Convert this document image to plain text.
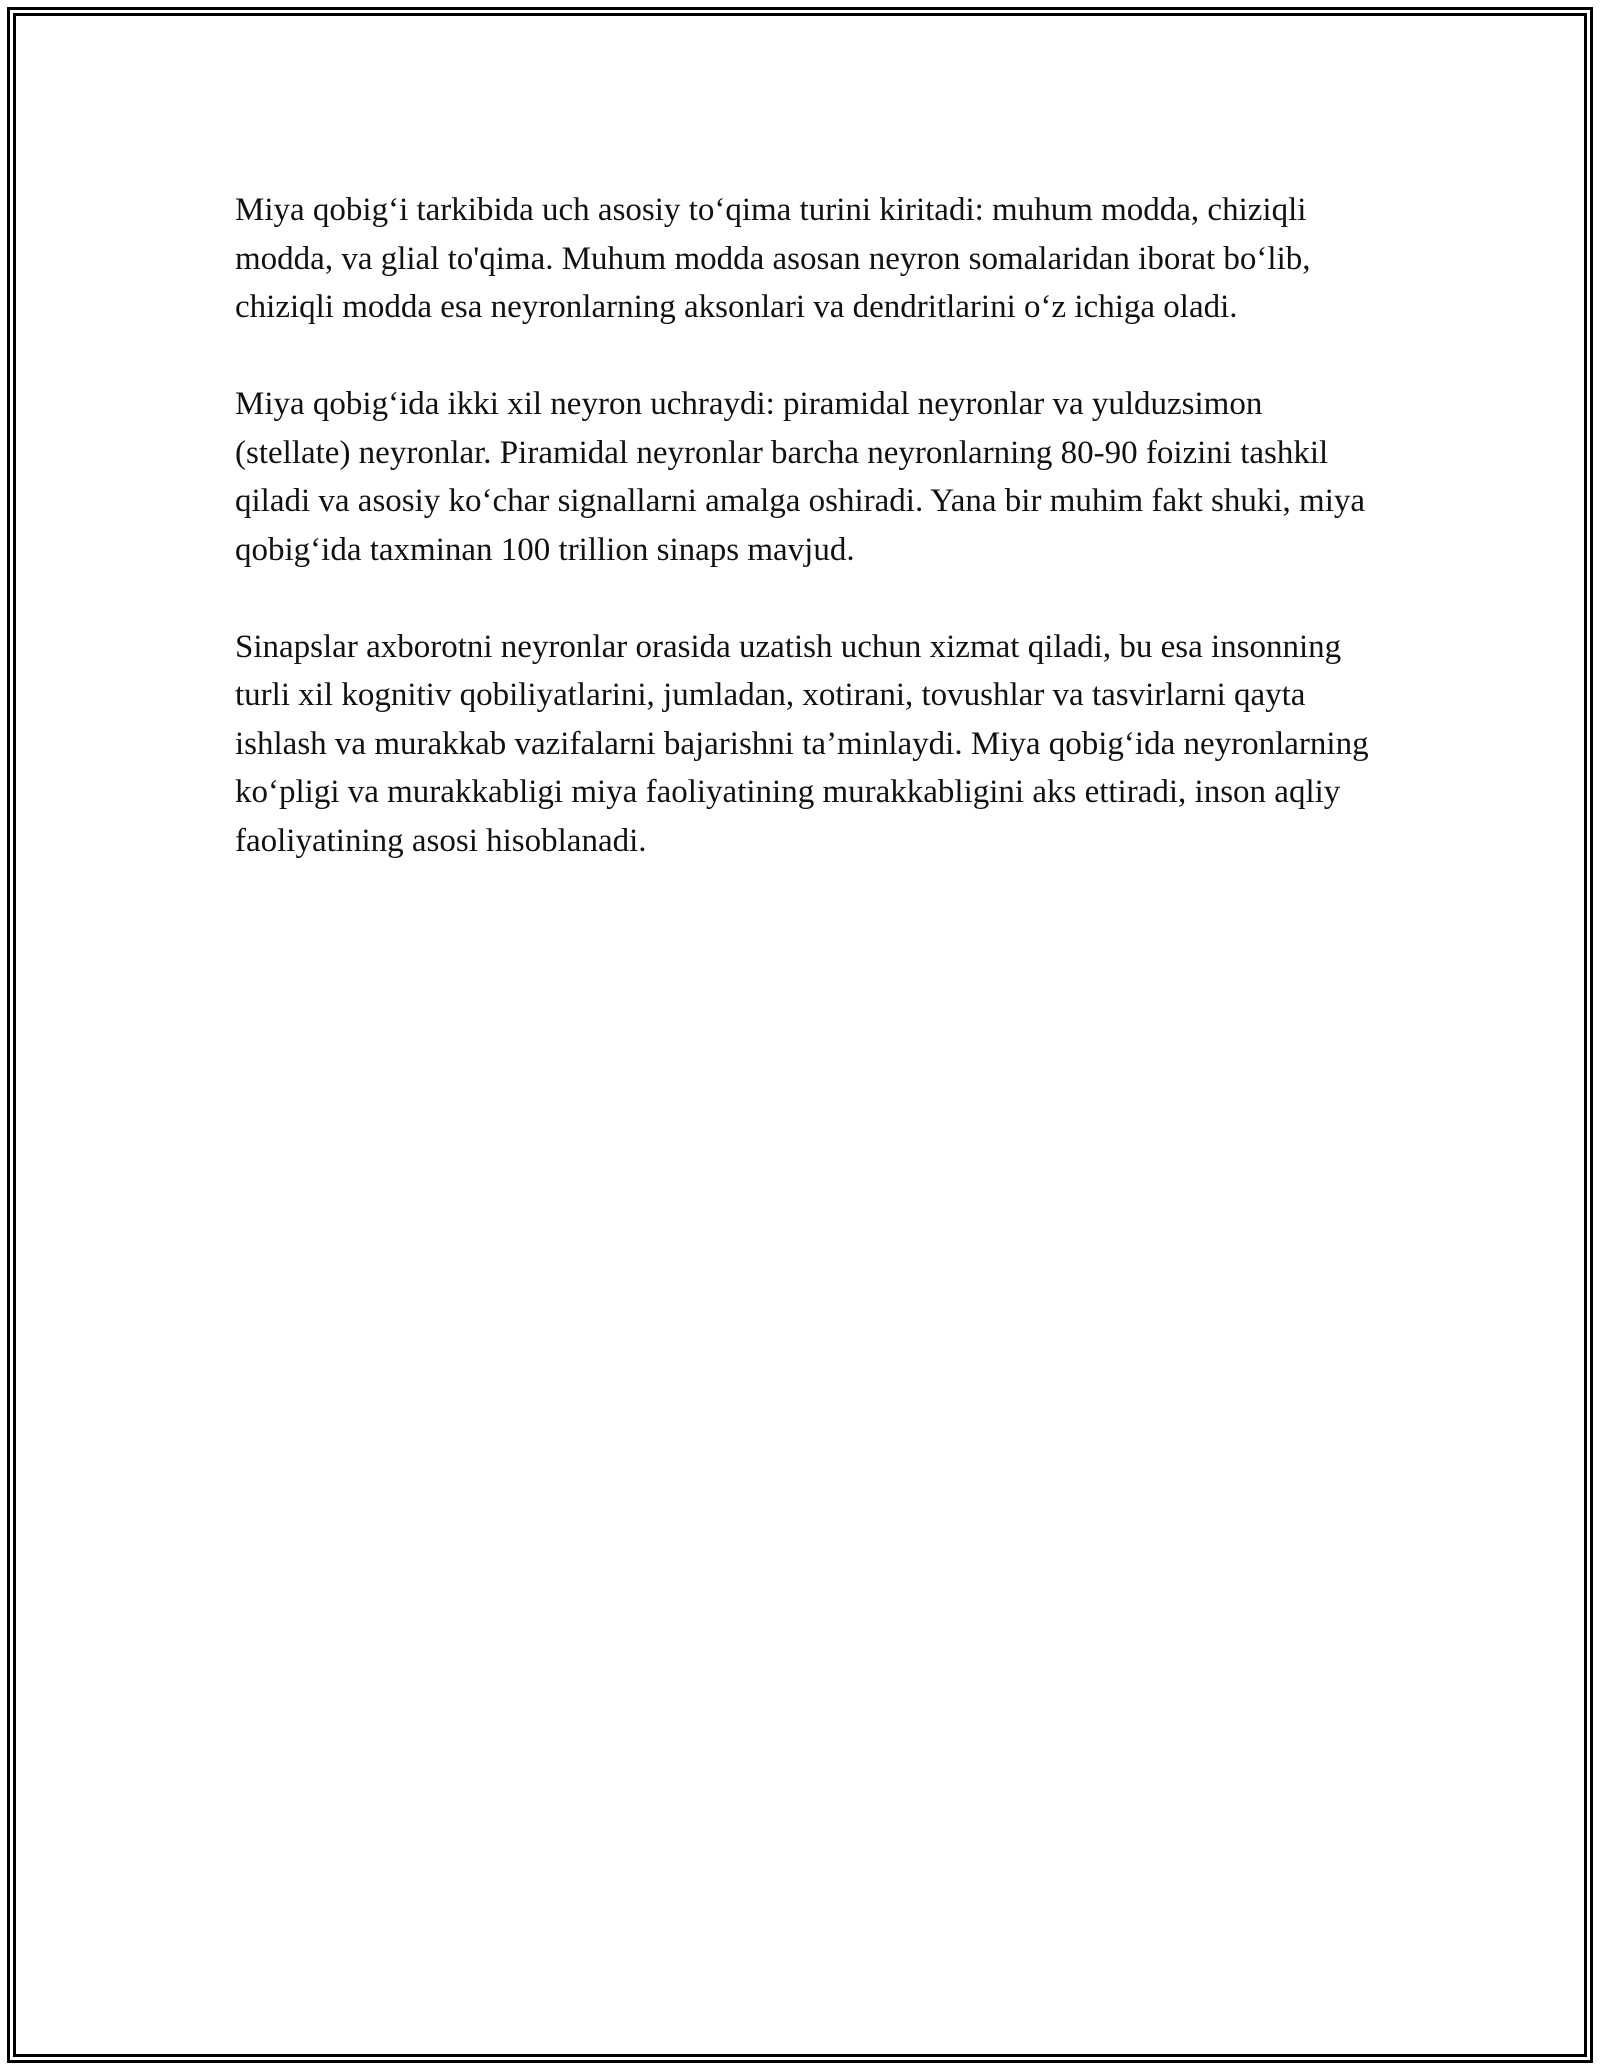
Miya qobig‘i tarkibida uch asosiy to‘qima turini kiritadi: muhum modda, chiziqli modda, va glial to'qima. Muhum modda asosan neyron somalaridan iborat bo‘lib, chiziqli modda esa neyronlarning aksonlari va dendritlarini o‘z ichiga oladi.

Miya qobig‘ida ikki xil neyron uchraydi: piramidal neyronlar va yulduzsimon (stellate) neyronlar. Piramidal neyronlar barcha neyronlarning 80-90 foizini tashkil qiladi va asosiy ko‘char signallarni amalga oshiradi. Yana bir muhim fakt shuki, miya qobig‘ida taxminan 100 trillion sinaps mavjud.

Sinapslar axborotni neyronlar orasida uzatish uchun xizmat qiladi, bu esa insonning turli xil kognitiv qobiliyatlarini, jumladan, xotirani, tovushlar va tasvirlarni qayta ishlash va murakkab vazifalarni bajarishni ta’minlaydi. Miya qobig‘ida neyronlarning ko‘pligi va murakkabligi miya faoliyatining murakkabligini aks ettiradi, inson aqliy faoliyatining asosi hisoblanadi.
